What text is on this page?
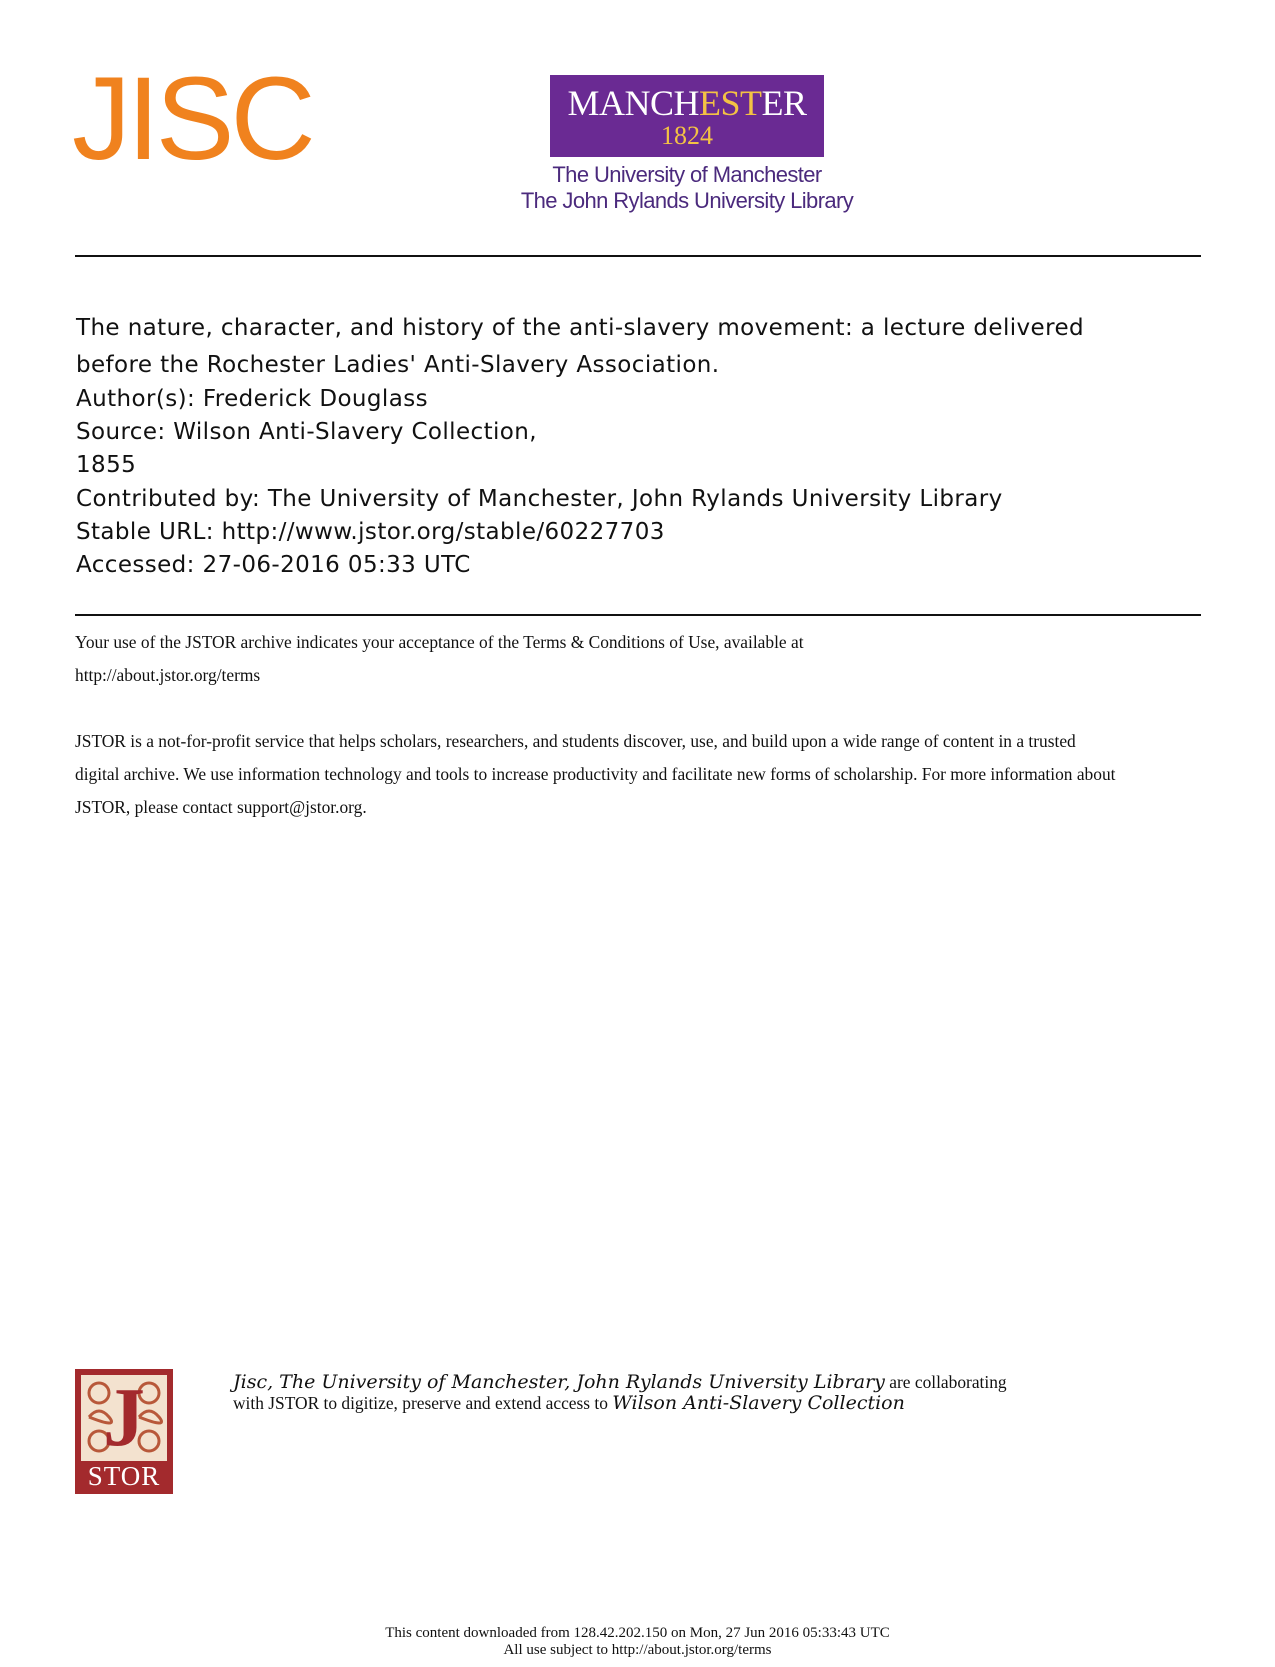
JISC	MANCHESTER
1824
The University of Manchester
The John Rylands University Library
The nature, character, and history of the anti-slavery movement: a lecture delivered
before the Rochester Ladies' Anti-Slavery Association.
Author(s): Frederick Douglass
Source: Wilson Anti-Slavery Collection,
1855
Contributed by: The University of Manchester, John Rylands University Library
Stable URL: http://www.jstor.org/stable/60227703
Accessed: 27-06-2016 05:33 UTC
Your use of the JSTOR archive indicates your acceptance of the Terms & Conditions of Use, available at
http://about.jstor.org/terms
JSTOR is a not-for-profit service that helps scholars, researchers, and students discover, use, and build upon a wide range of content in a trusted
digital archive. We use information technology and tools to increase productivity and facilitate new forms of scholarship. For more information about
JSTOR, please contact support@jstor.org.
J
STOR
Jisc, The University of Manchester, John Rylands University Library are collaborating
with JSTOR to digitize, preserve and extend access to Wilson Anti-Slavery Collection
This content downloaded from 128.42.202.150 on Mon, 27 Jun 2016 05:33:43 UTC
All use subject to http://about.jstor.org/terms
